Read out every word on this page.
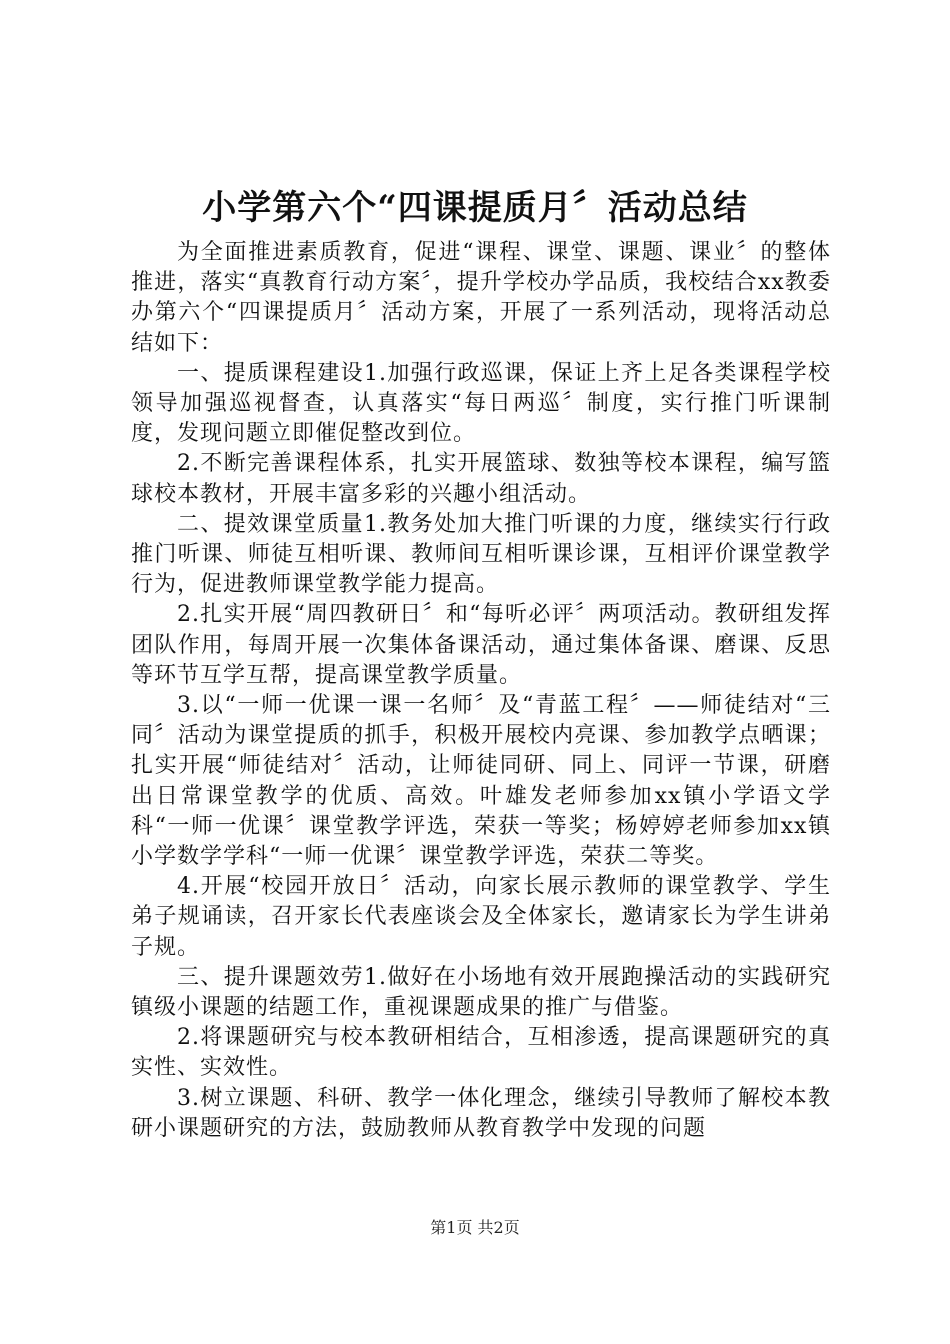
小学第六个“四课提质月〞活动总结

为全面推进素质教育，促进“课程、课堂、课题、课业〞的整体推进，落实“真教育行动方案〞，提升学校办学品质，我校结合xx教委办第六个“四课提质月〞活动方案，开展了一系列活动，现将活动总结如下：

一、提质课程建设1.加强行政巡课，保证上齐上足各类课程学校领导加强巡视督查，认真落实“每日两巡〞制度，实行推门听课制度，发现问题立即催促整改到位。

2.不断完善课程体系，扎实开展篮球、数独等校本课程，编写篮球校本教材，开展丰富多彩的兴趣小组活动。

二、提效课堂质量1.教务处加大推门听课的力度，继续实行行政推门听课、师徒互相听课、教师间互相听课诊课，互相评价课堂教学行为，促进教师课堂教学能力提高。

2.扎实开展“周四教研日〞和“每听必评〞两项活动。教研组发挥团队作用，每周开展一次集体备课活动，通过集体备课、磨课、反思等环节互学互帮，提高课堂教学质量。

3.以“一师一优课一课一名师〞及“青蓝工程〞——师徒结对“三同〞活动为课堂提质的抓手，积极开展校内亮课、参加教学点晒课；扎实开展“师徒结对〞活动，让师徒同研、同上、同评一节课，研磨出日常课堂教学的优质、高效。叶雄发老师参加xx镇小学语文学科“一师一优课〞课堂教学评选，荣获一等奖；杨婷婷老师参加xx镇小学数学学科“一师一优课〞课堂教学评选，荣获二等奖。

4.开展“校园开放日〞活动，向家长展示教师的课堂教学、学生弟子规诵读，召开家长代表座谈会及全体家长，邀请家长为学生讲弟子规。

三、提升课题效劳1.做好在小场地有效开展跑操活动的实践研究镇级小课题的结题工作，重视课题成果的推广与借鉴。

2.将课题研究与校本教研相结合，互相渗透，提高课题研究的真实性、实效性。

3.树立课题、科研、教学一体化理念，继续引导教师了解校本教研小课题研究的方法，鼓励教师从教育教学中发现的问题

第1页 共2页
